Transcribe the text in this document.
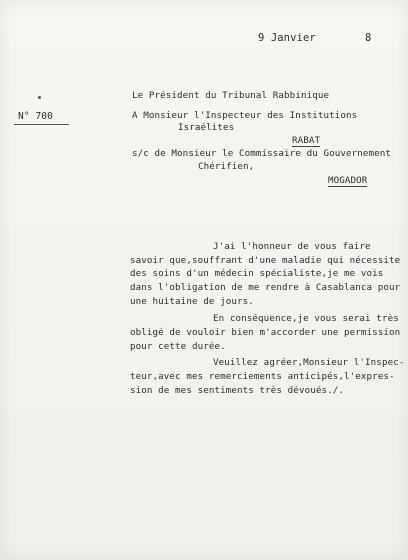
9 Janvier	8
N° 700
Le Président du Tribunal Rabbinique
A Monsieur l'Inspecteur des Institutions
Israélites
RABAT
s/c de Monsieur le Commissaire du Gouvernement
Chérifien,
MOGADOR
J'ai l'honneur de vous faire
savoir que,souffrant d'une maladie qui nécessite
des soins d'un médecin spécialiste,je me vois
dans l'obligation de me rendre à Casablanca pour
une huitaine de jours.
En conséquence,je vous serai très
obligé de vouloir bien m'accorder une permission
pour cette durée.
Veuillez agréer,Monsieur l'Inspec-
teur,avec mes remerciements anticipés,l'expres-
sion de mes sentiments très dévoués./.
